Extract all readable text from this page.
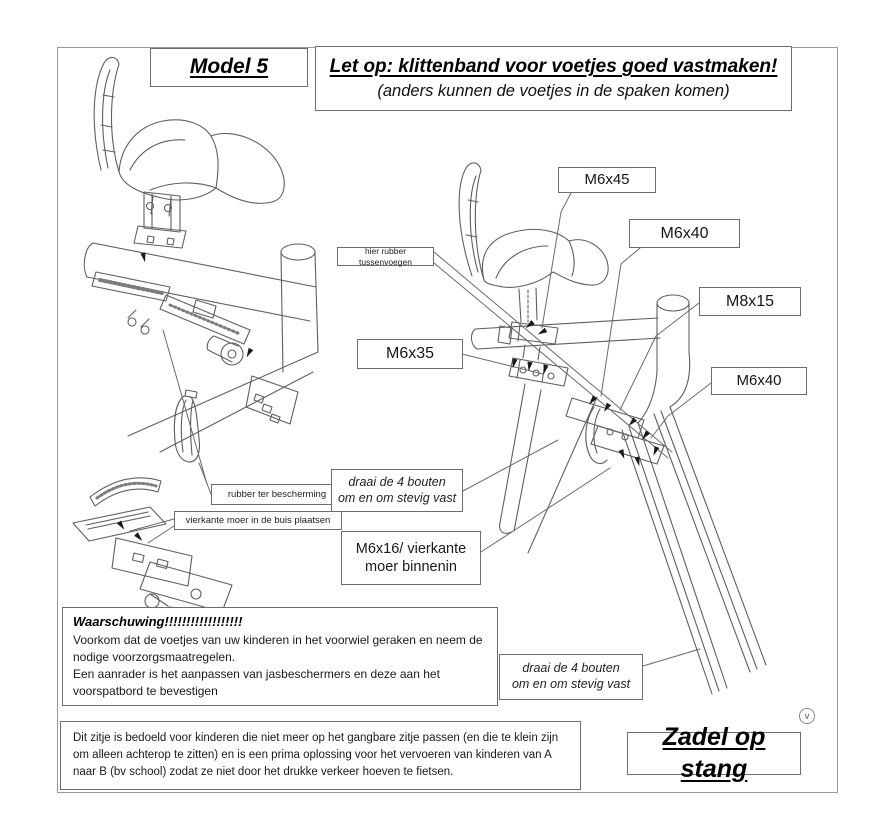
Model 5	Let op: klittenband voor voetjes goed vastmaken!
(anders kunnen de voetjes in de spaken komen)
M6x45
M6x40
M8x15
M6x40
M6x35
hier rubber tussenvoegen
rubber ter bescherming
vierkante moer in de buis plaatsen
draai de 4 bouten
om en om stevig vast
M6x16/ vierkante
moer binnenin
draai de 4 bouten
om en om stevig vast
Waarschuwing!!!!!!!!!!!!!!!!!!
Voorkom dat de voetjes van uw kinderen in het voorwiel geraken en neem de nodige voorzorgsmaatregelen.
Een aanrader is het aanpassen van jasbeschermers en deze aan het voorspatbord te bevestigen
Dit zitje is bedoeld voor kinderen die niet meer op het gangbare zitje passen (en die te klein zijn om alleen achterop te zitten) en is een prima oplossing voor het vervoeren van kinderen van A naar B (bv school) zodat ze niet door het drukke verkeer hoeven te fietsen.
Zadel op stang
v
